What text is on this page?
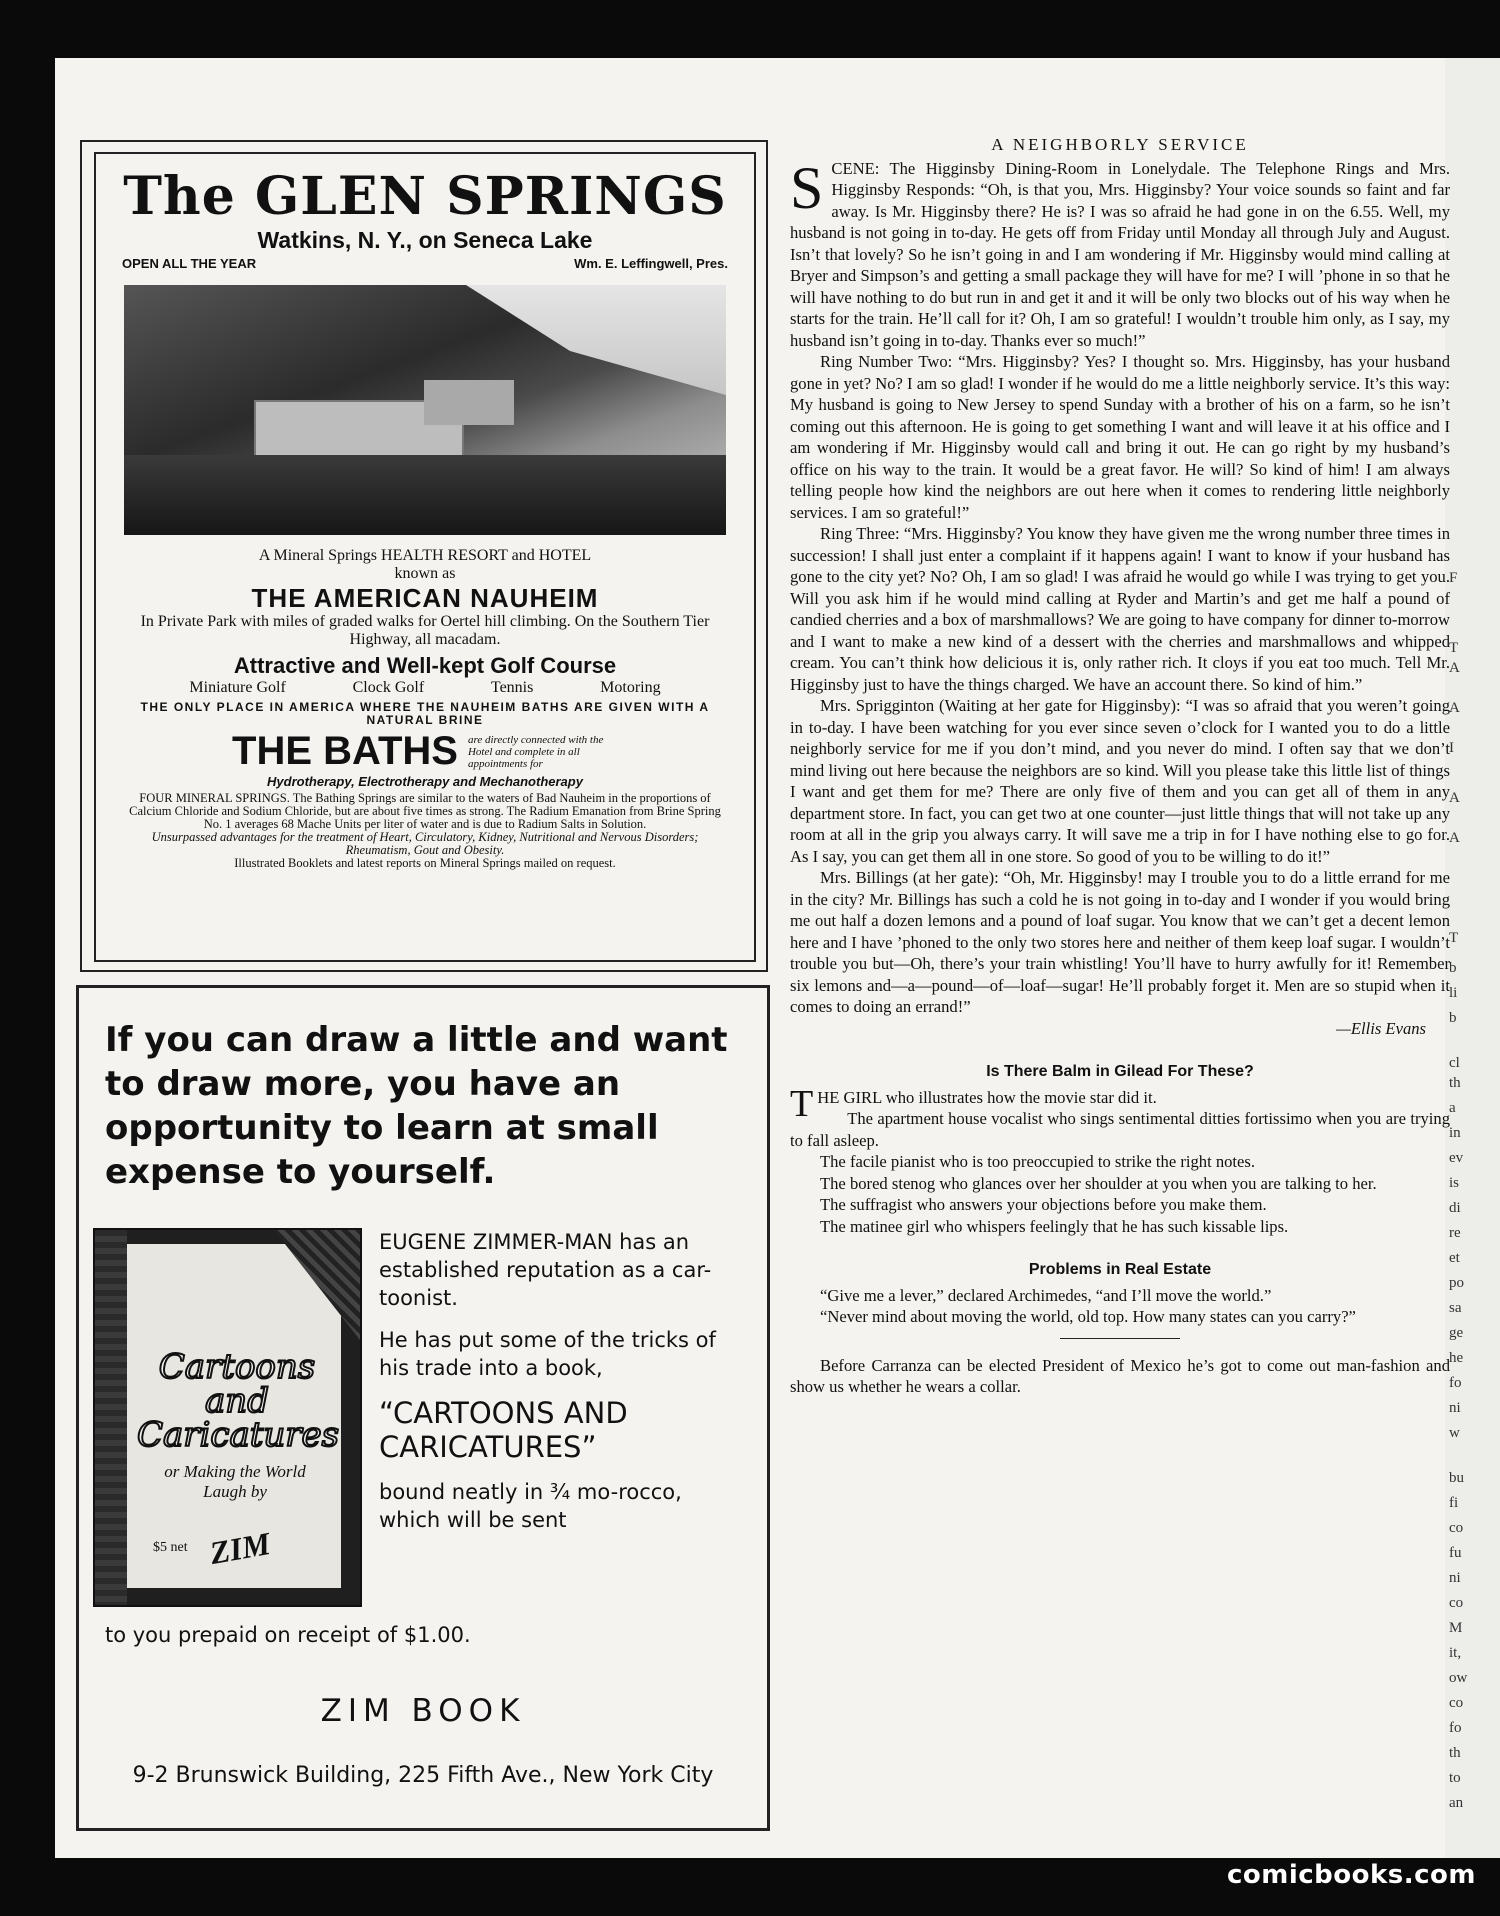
F
T
A
A
I
A
A
T
b
li
b
cl
th
a
in
ev
is
di
re
et
po
sa
ge
he
fo
ni
w
bu
fi
co
fu
ni
co
M
it,
ow
co
fo
th
to
an
The GLEN SPRINGS
Watkins, N. Y., on Seneca Lake
OPEN ALL THE YEAR	Wm. E. Leffingwell, Pres.
A Mineral Springs HEALTH RESORT and HOTEL
known as
THE AMERICAN NAUHEIM
In Private Park with miles of graded walks for Oertel hill climbing. On the Southern Tier Highway, all macadam.
Attractive and Well-kept Golf Course
Miniature Golf	Clock Golf	Tennis	Motoring
THE ONLY PLACE IN AMERICA WHERE THE NAUHEIM BATHS ARE GIVEN WITH A NATURAL BRINE
THE BATHS are directly connected with the Hotel and complete in all appointments for
Hydrotherapy, Electrotherapy and Mechanotherapy
FOUR MINERAL SPRINGS. The Bathing Springs are similar to the waters of Bad Nauheim in the proportions of Calcium Chloride and Sodium Chloride, but are about five times as strong. The Radium Emanation from Brine Spring No. 1 averages 68 Mache Units per liter of water and is due to Radium Salts in Solution.
Unsurpassed advantages for the treatment of Heart, Circulatory, Kidney, Nutritional and Nervous Disorders; Rheumatism, Gout and Obesity.
Illustrated Booklets and latest reports on Mineral Springs mailed on request.
If you can draw a little and want to draw more, you have an opportunity to learn at small expense to yourself.
Cartoons and Caricatures
or Making the World Laugh by
$5 net ZIM

EUGENE ZIMMER-MAN has an established reputation as a car-toonist.

He has put some of the tricks of his trade into a book,

“CARTOONS AND CARICATURES”

bound neatly in ¾ mo-rocco, which will be sent

to you prepaid on receipt of $1.00.
ZIM BOOK
9-2 Brunswick Building, 225 Fifth Ave., New York City
A NEIGHBORLY SERVICE

SCENE: The Higginsby Dining-Room in Lonelydale. The Telephone Rings and Mrs. Higginsby Responds: “Oh, is that you, Mrs. Higginsby? Your voice sounds so faint and far away. Is Mr. Higginsby there? He is? I was so afraid he had gone in on the 6.55. Well, my husband is not going in to-day. He gets off from Friday until Monday all through July and August. Isn’t that lovely? So he isn’t going in and I am wondering if Mr. Higginsby would mind calling at Bryer and Simpson’s and getting a small package they will have for me? I will ’phone in so that he will have nothing to do but run in and get it and it will be only two blocks out of his way when he starts for the train. He’ll call for it? Oh, I am so grateful! I wouldn’t trouble him only, as I say, my husband isn’t going in to-day. Thanks ever so much!”

Ring Number Two: “Mrs. Higginsby? Yes? I thought so. Mrs. Higginsby, has your husband gone in yet? No? I am so glad! I wonder if he would do me a little neighborly service. It’s this way: My husband is going to New Jersey to spend Sunday with a brother of his on a farm, so he isn’t coming out this afternoon. He is going to get something I want and will leave it at his office and I am wondering if Mr. Higginsby would call and bring it out. He can go right by my husband’s office on his way to the train. It would be a great favor. He will? So kind of him! I am always telling people how kind the neighbors are out here when it comes to rendering little neighborly services. I am so grateful!”

Ring Three: “Mrs. Higginsby? You know they have given me the wrong number three times in succession! I shall just enter a complaint if it happens again! I want to know if your husband has gone to the city yet? No? Oh, I am so glad! I was afraid he would go while I was trying to get you. Will you ask him if he would mind calling at Ryder and Martin’s and get me half a pound of candied cherries and a box of marshmallows? We are going to have company for dinner to-morrow and I want to make a new kind of a dessert with the cherries and marshmallows and whipped cream. You can’t think how delicious it is, only rather rich. It cloys if you eat too much. Tell Mr. Higginsby just to have the things charged. We have an account there. So kind of him.”

Mrs. Sprigginton (Waiting at her gate for Higginsby): “I was so afraid that you weren’t going in to-day. I have been watching for you ever since seven o’clock for I wanted you to do a little neighborly service for me if you don’t mind, and you never do mind. I often say that we don’t mind living out here because the neighbors are so kind. Will you please take this little list of things I want and get them for me? There are only five of them and you can get all of them in any department store. In fact, you can get two at one counter—just little things that will not take up any room at all in the grip you always carry. It will save me a trip in for I have nothing else to go for. As I say, you can get them all in one store. So good of you to be willing to do it!”

Mrs. Billings (at her gate): “Oh, Mr. Higginsby! may I trouble you to do a little errand for me in the city? Mr. Billings has such a cold he is not going in to-day and I wonder if you would bring me out half a dozen lemons and a pound of loaf sugar. You know that we can’t get a decent lemon here and I have ’phoned to the only two stores here and neither of them keep loaf sugar. I wouldn’t trouble you but—Oh, there’s your train whistling! You’ll have to hurry awfully for it! Remember six lemons and—a—pound—of—loaf—sugar! He’ll probably forget it. Men are so stupid when it comes to doing an errand!”

—Ellis Evans
Is There Balm in Gilead For These?

THE GIRL who illustrates how the movie star did it.

The apartment house vocalist who sings sentimental ditties fortissimo when you are trying to fall asleep.

The facile pianist who is too preoccupied to strike the right notes.

The bored stenog who glances over her shoulder at you when you are talking to her.

The suffragist who answers your objections before you make them.

The matinee girl who whispers feelingly that he has such kissable lips.

Problems in Real Estate

“Give me a lever,” declared Archimedes, “and I’ll move the world.”

“Never mind about moving the world, old top. How many states can you carry?”

Before Carranza can be elected President of Mexico he’s got to come out man-fashion and show us whether he wears a collar.

comicbooks.com
